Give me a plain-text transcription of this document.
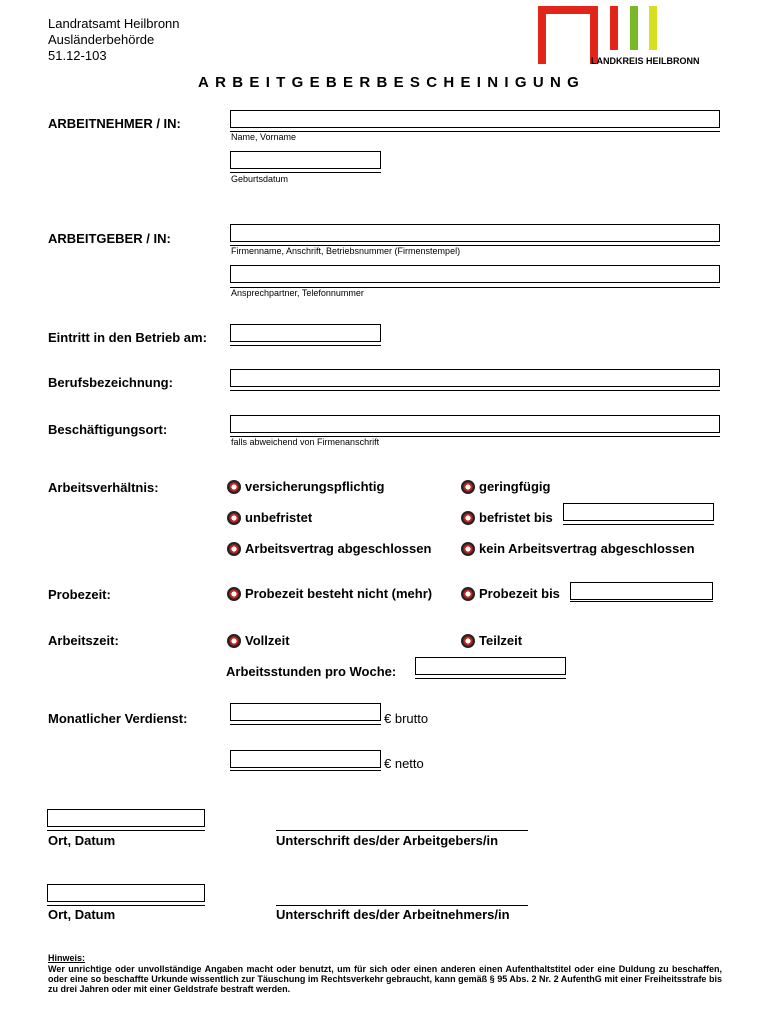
Landratsamt Heilbronn
Ausländerbehörde
51.12-103	LANDKREIS HEILBRONN
ARBEITGEBERBESCHEINIGUNG
ARBEITNEHMER / IN:
Name, Vorname
Geburtsdatum
ARBEITGEBER / IN:
Firmenname, Anschrift, Betriebsnummer (Firmenstempel)
Ansprechpartner, Telefonnummer
Eintritt in den Betrieb am:
Berufsbezeichnung:
Beschäftigungsort:
falls abweichend von Firmenanschrift
Arbeitsverhältnis:	versicherungspflichtig	geringfügig
unbefristet	befristet bis
Arbeitsvertrag abgeschlossen	kein Arbeitsvertrag abgeschlossen
Probezeit:	Probezeit besteht nicht (mehr)	Probezeit bis
Arbeitszeit:	Vollzeit	Teilzeit
Arbeitsstunden pro Woche:
Monatlicher Verdienst:	€ brutto
€ netto
Ort, Datum	Unterschrift des/der Arbeitgebers/in
Ort, Datum	Unterschrift des/der Arbeitnehmers/in
Hinweis:
Wer unrichtige oder unvollständige Angaben macht oder benutzt, um für sich oder einen anderen einen Aufenthaltstitel oder eine Duldung zu beschaffen, oder eine so beschaffte Urkunde wissentlich zur Täuschung im Rechtsverkehr gebraucht, kann gemäß § 95 Abs. 2 Nr. 2 AufenthG mit einer Freiheitsstrafe bis zu drei Jahren oder mit einer Geldstrafe bestraft werden.
